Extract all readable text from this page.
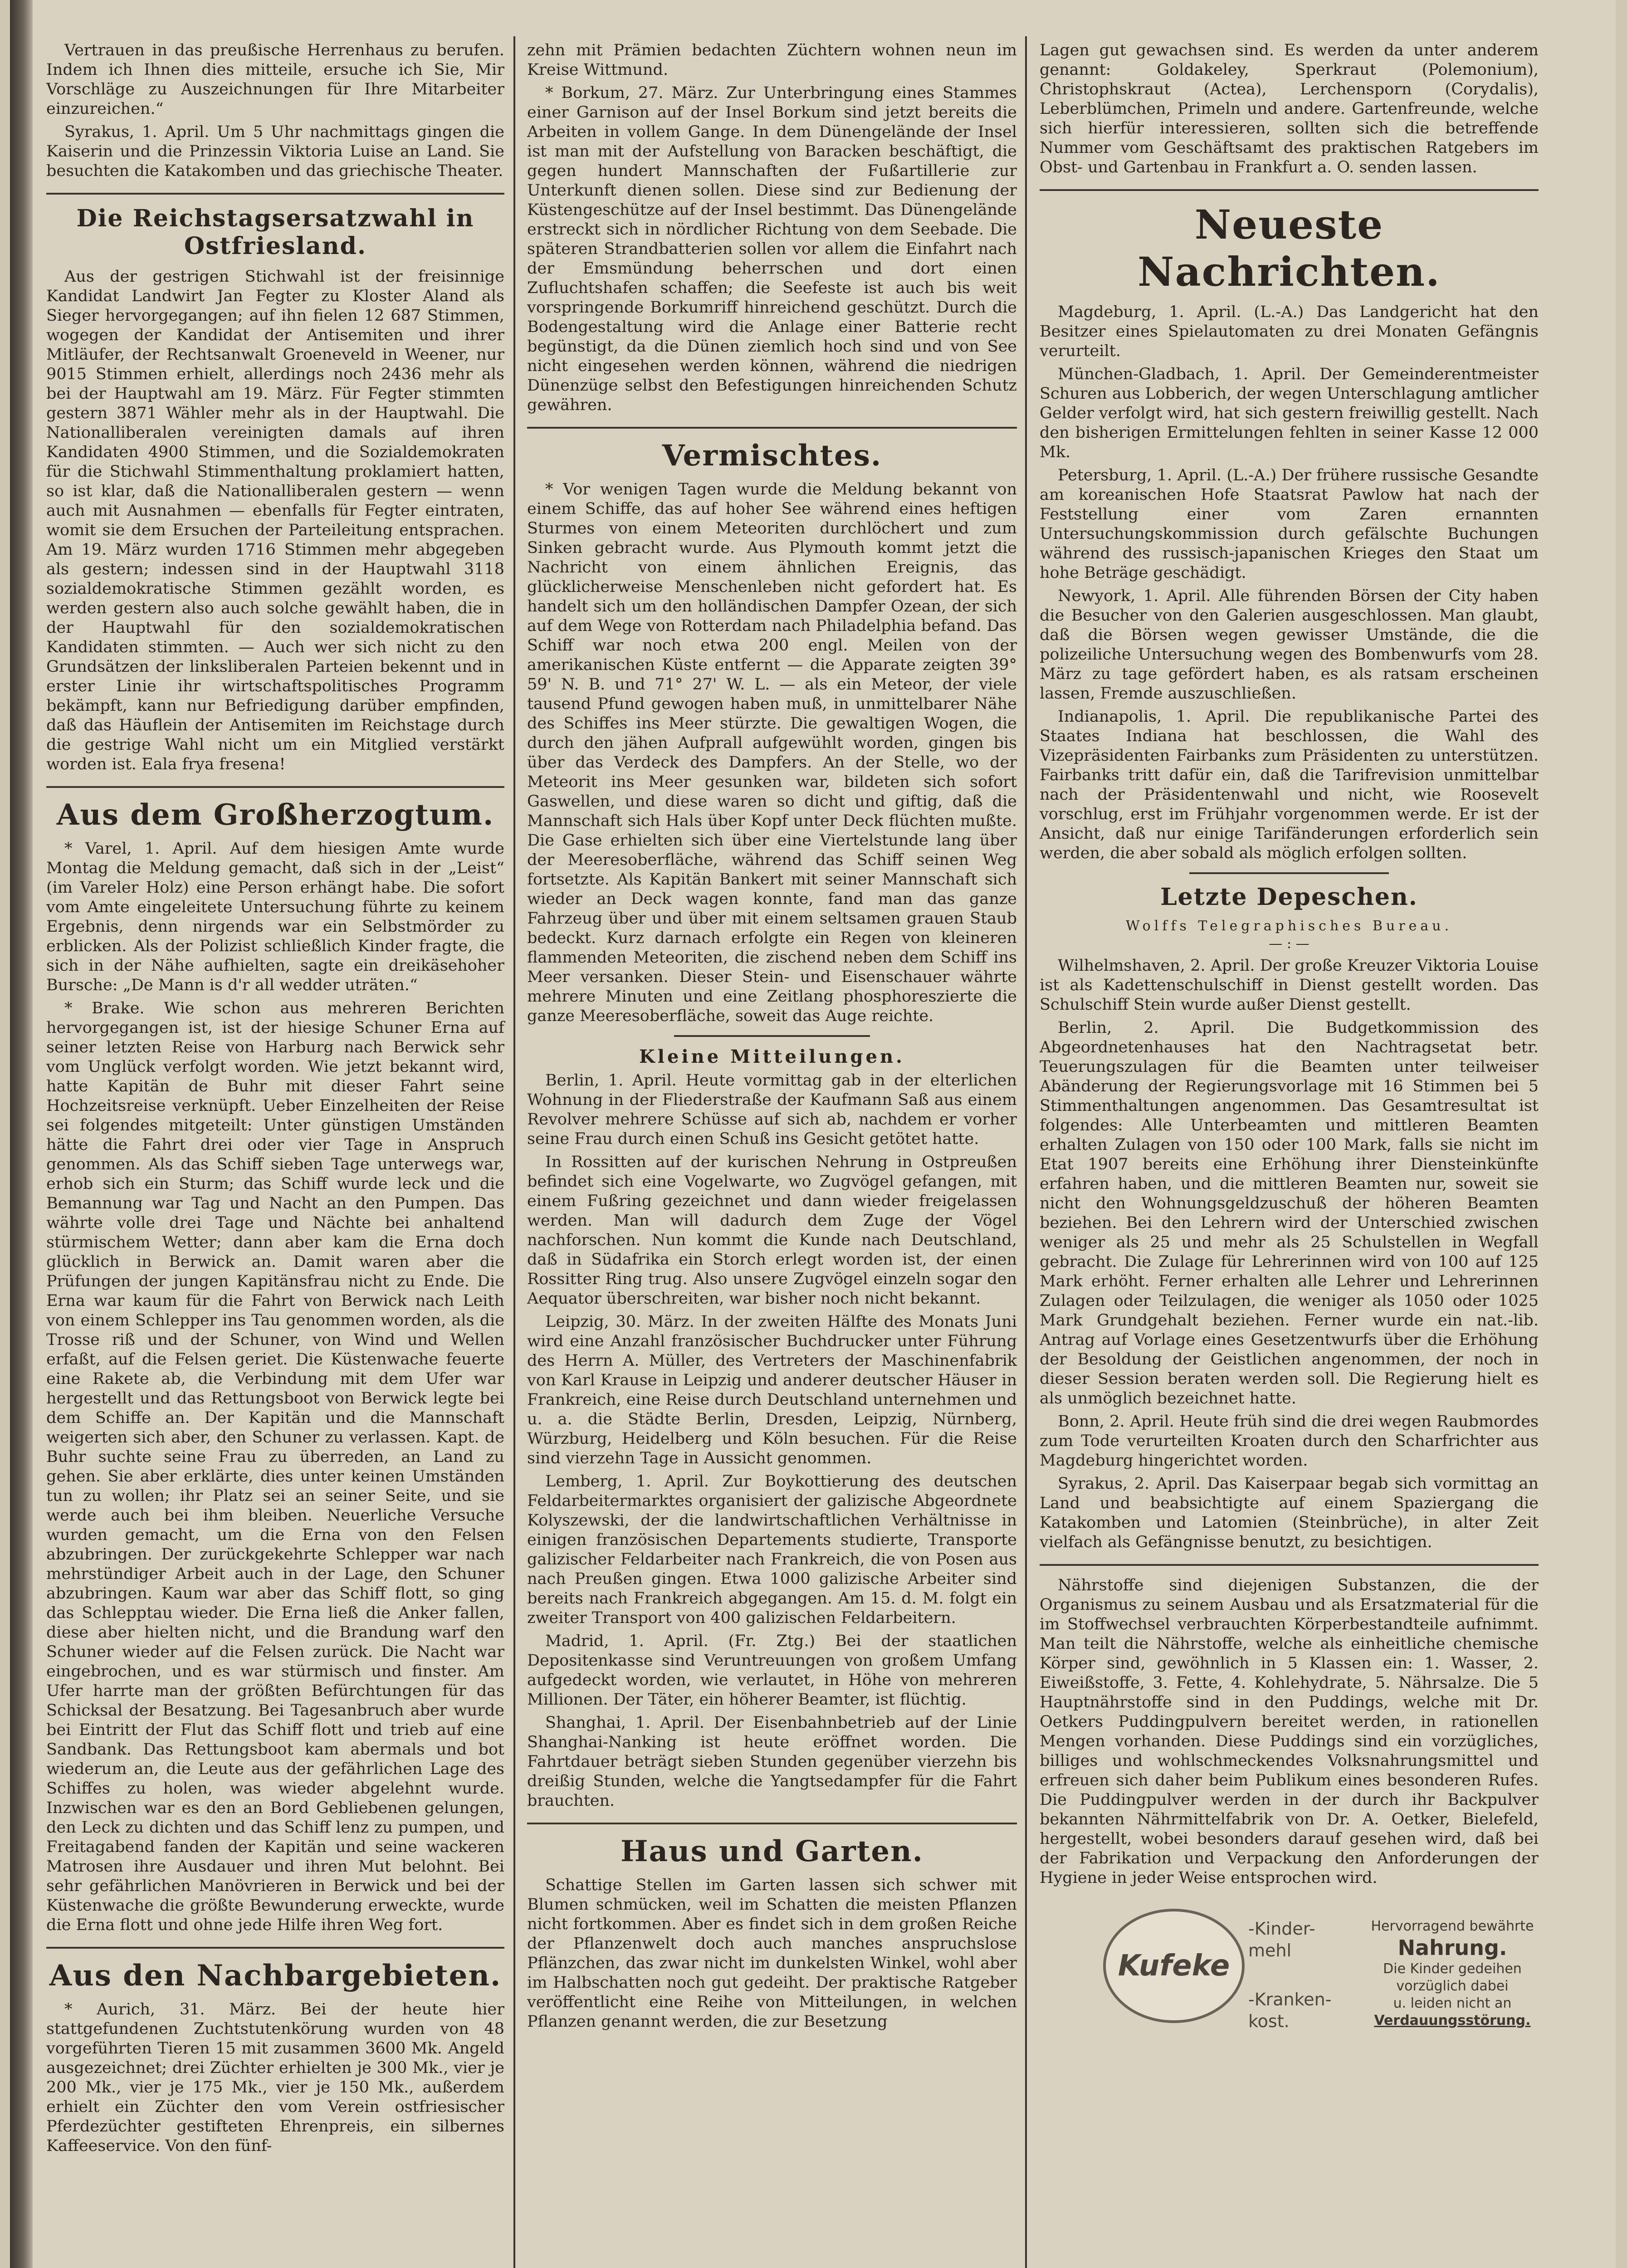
Vertrauen in das preußische Herrenhaus zu berufen. Indem ich Ihnen dies mitteile, ersuche ich Sie, Mir Vorschläge zu Auszeichnungen für Ihre Mitarbeiter einzureichen.“

Syrakus, 1. April. Um 5 Uhr nachmittags gingen die Kaiserin und die Prinzessin Viktoria Luise an Land. Sie besuchten die Katakomben und das griechische Theater.

Die Reichstagsersatzwahl in Ostfriesland.

Aus der gestrigen Stichwahl ist der freisinnige Kandidat Landwirt Jan Fegter zu Kloster Aland als Sieger hervorgegangen; auf ihn fielen 12 687 Stimmen, wogegen der Kandidat der Antisemiten und ihrer Mitläufer, der Rechtsanwalt Groeneveld in Weener, nur 9015 Stimmen erhielt, allerdings noch 2436 mehr als bei der Hauptwahl am 19. März. Für Fegter stimmten gestern 3871 Wähler mehr als in der Hauptwahl. Die Nationalliberalen vereinigten damals auf ihren Kandidaten 4900 Stimmen, und die Sozialdemokraten für die Stichwahl Stimmenthaltung proklamiert hatten, so ist klar, daß die Nationalliberalen gestern — wenn auch mit Ausnahmen — ebenfalls für Fegter eintraten, womit sie dem Ersuchen der Parteileitung entsprachen. Am 19. März wurden 1716 Stimmen mehr abgegeben als gestern; indessen sind in der Hauptwahl 3118 sozialdemokratische Stimmen gezählt worden, es werden gestern also auch solche gewählt haben, die in der Hauptwahl für den sozialdemokratischen Kandidaten stimmten. — Auch wer sich nicht zu den Grundsätzen der linksliberalen Parteien bekennt und in erster Linie ihr wirtschaftspolitisches Programm bekämpft, kann nur Befriedigung darüber empfinden, daß das Häuflein der Antisemiten im Reichstage durch die gestrige Wahl nicht um ein Mitglied verstärkt worden ist. Eala frya fresena!

Aus dem Großherzogtum.

* Varel, 1. April. Auf dem hiesigen Amte wurde Montag die Meldung gemacht, daß sich in der „Leist“ (im Vareler Holz) eine Person erhängt habe. Die sofort vom Amte eingeleitete Untersuchung führte zu keinem Ergebnis, denn nirgends war ein Selbstmörder zu erblicken. Als der Polizist schließlich Kinder fragte, die sich in der Nähe aufhielten, sagte ein dreikäsehoher Bursche: „De Mann is d'r all wedder uträten.“

* Brake. Wie schon aus mehreren Berichten hervorgegangen ist, ist der hiesige Schuner Erna auf seiner letzten Reise von Harburg nach Berwick sehr vom Unglück verfolgt worden. Wie jetzt bekannt wird, hatte Kapitän de Buhr mit dieser Fahrt seine Hochzeitsreise verknüpft. Ueber Einzelheiten der Reise sei folgendes mitgeteilt: Unter günstigen Umständen hätte die Fahrt drei oder vier Tage in Anspruch genommen. Als das Schiff sieben Tage unterwegs war, erhob sich ein Sturm; das Schiff wurde leck und die Bemannung war Tag und Nacht an den Pumpen. Das währte volle drei Tage und Nächte bei anhaltend stürmischem Wetter; dann aber kam die Erna doch glücklich in Berwick an. Damit waren aber die Prüfungen der jungen Kapitänsfrau nicht zu Ende. Die Erna war kaum für die Fahrt von Berwick nach Leith von einem Schlepper ins Tau genommen worden, als die Trosse riß und der Schuner, von Wind und Wellen erfaßt, auf die Felsen geriet. Die Küstenwache feuerte eine Rakete ab, die Verbindung mit dem Ufer war hergestellt und das Rettungsboot von Berwick legte bei dem Schiffe an. Der Kapitän und die Mannschaft weigerten sich aber, den Schuner zu verlassen. Kapt. de Buhr suchte seine Frau zu überreden, an Land zu gehen. Sie aber erklärte, dies unter keinen Umständen tun zu wollen; ihr Platz sei an seiner Seite, und sie werde auch bei ihm bleiben. Neuerliche Versuche wurden gemacht, um die Erna von den Felsen abzubringen. Der zurückgekehrte Schlepper war nach mehrstündiger Arbeit auch in der Lage, den Schuner abzubringen. Kaum war aber das Schiff flott, so ging das Schlepptau wieder. Die Erna ließ die Anker fallen, diese aber hielten nicht, und die Brandung warf den Schuner wieder auf die Felsen zurück. Die Nacht war eingebrochen, und es war stürmisch und finster. Am Ufer harrte man der größten Befürchtungen für das Schicksal der Besatzung. Bei Tagesanbruch aber wurde bei Eintritt der Flut das Schiff flott und trieb auf eine Sandbank. Das Rettungsboot kam abermals und bot wiederum an, die Leute aus der gefährlichen Lage des Schiffes zu holen, was wieder abgelehnt wurde. Inzwischen war es den an Bord Gebliebenen gelungen, den Leck zu dichten und das Schiff lenz zu pumpen, und Freitagabend fanden der Kapitän und seine wackeren Matrosen ihre Ausdauer und ihren Mut belohnt. Bei sehr gefährlichen Manövrieren in Berwick und bei der Küstenwache die größte Bewunderung erweckte, wurde die Erna flott und ohne jede Hilfe ihren Weg fort.

Aus den Nachbargebieten.

* Aurich, 31. März. Bei der heute hier stattgefundenen Zuchtstutenkörung wurden von 48 vorgeführten Tieren 15 mit zusammen 3600 Mk. Angeld ausgezeichnet; drei Züchter erhielten je 300 Mk., vier je 200 Mk., vier je 175 Mk., vier je 150 Mk., außerdem erhielt ein Züchter den vom Verein ostfriesischer Pferdezüchter gestifteten Ehrenpreis, ein silbernes Kaffeeservice. Von den fünf-

zehn mit Prämien bedachten Züchtern wohnen neun im Kreise Wittmund.

* Borkum, 27. März. Zur Unterbringung eines Stammes einer Garnison auf der Insel Borkum sind jetzt bereits die Arbeiten in vollem Gange. In dem Dünengelände der Insel ist man mit der Aufstellung von Baracken beschäftigt, die gegen hundert Mannschaften der Fußartillerie zur Unterkunft dienen sollen. Diese sind zur Bedienung der Küstengeschütze auf der Insel bestimmt. Das Dünengelände erstreckt sich in nördlicher Richtung von dem Seebade. Die späteren Strandbatterien sollen vor allem die Einfahrt nach der Emsmündung beherrschen und dort einen Zufluchtshafen schaffen; die Seefeste ist auch bis weit vorspringende Borkumriff hinreichend geschützt. Durch die Bodengestaltung wird die Anlage einer Batterie recht begünstigt, da die Dünen ziemlich hoch sind und von See nicht eingesehen werden können, während die niedrigen Dünenzüge selbst den Befestigungen hinreichenden Schutz gewähren.

Vermischtes.

* Vor wenigen Tagen wurde die Meldung bekannt von einem Schiffe, das auf hoher See während eines heftigen Sturmes von einem Meteoriten durchlöchert und zum Sinken gebracht wurde. Aus Plymouth kommt jetzt die Nachricht von einem ähnlichen Ereignis, das glücklicherweise Menschenleben nicht gefordert hat. Es handelt sich um den holländischen Dampfer Ozean, der sich auf dem Wege von Rotterdam nach Philadelphia befand. Das Schiff war noch etwa 200 engl. Meilen von der amerikanischen Küste entfernt — die Apparate zeigten 39° 59' N. B. und 71° 27' W. L. — als ein Meteor, der viele tausend Pfund gewogen haben muß, in unmittelbarer Nähe des Schiffes ins Meer stürzte. Die gewaltigen Wogen, die durch den jähen Aufprall aufgewühlt worden, gingen bis über das Verdeck des Dampfers. An der Stelle, wo der Meteorit ins Meer gesunken war, bildeten sich sofort Gaswellen, und diese waren so dicht und giftig, daß die Mannschaft sich Hals über Kopf unter Deck flüchten mußte. Die Gase erhielten sich über eine Viertelstunde lang über der Meeresoberfläche, während das Schiff seinen Weg fortsetzte. Als Kapitän Bankert mit seiner Mannschaft sich wieder an Deck wagen konnte, fand man das ganze Fahrzeug über und über mit einem seltsamen grauen Staub bedeckt. Kurz darnach erfolgte ein Regen von kleineren flammenden Meteoriten, die zischend neben dem Schiff ins Meer versanken. Dieser Stein- und Eisenschauer währte mehrere Minuten und eine Zeitlang phosphoreszierte die ganze Meeresoberfläche, soweit das Auge reichte.

Kleine Mitteilungen.

Berlin, 1. April. Heute vormittag gab in der elterlichen Wohnung in der Fliederstraße der Kaufmann Saß aus einem Revolver mehrere Schüsse auf sich ab, nachdem er vorher seine Frau durch einen Schuß ins Gesicht getötet hatte.

In Rossitten auf der kurischen Nehrung in Ostpreußen befindet sich eine Vogelwarte, wo Zugvögel gefangen, mit einem Fußring gezeichnet und dann wieder freigelassen werden. Man will dadurch dem Zuge der Vögel nachforschen. Nun kommt die Kunde nach Deutschland, daß in Südafrika ein Storch erlegt worden ist, der einen Rossitter Ring trug. Also unsere Zugvögel einzeln sogar den Aequator überschreiten, war bisher noch nicht bekannt.

Leipzig, 30. März. In der zweiten Hälfte des Monats Juni wird eine Anzahl französischer Buchdrucker unter Führung des Herrn A. Müller, des Vertreters der Maschinenfabrik von Karl Krause in Leipzig und anderer deutscher Häuser in Frankreich, eine Reise durch Deutschland unternehmen und u. a. die Städte Berlin, Dresden, Leipzig, Nürnberg, Würzburg, Heidelberg und Köln besuchen. Für die Reise sind vierzehn Tage in Aussicht genommen.

Lemberg, 1. April. Zur Boykottierung des deutschen Feldarbeitermarktes organisiert der galizische Abgeordnete Kolyszewski, der die landwirtschaftlichen Verhältnisse in einigen französischen Departements studierte, Transporte galizischer Feldarbeiter nach Frankreich, die von Posen aus nach Preußen gingen. Etwa 1000 galizische Arbeiter sind bereits nach Frankreich abgegangen. Am 15. d. M. folgt ein zweiter Transport von 400 galizischen Feldarbeitern.

Madrid, 1. April. (Fr. Ztg.) Bei der staatlichen Depositenkasse sind Veruntreuungen von großem Umfang aufgedeckt worden, wie verlautet, in Höhe von mehreren Millionen. Der Täter, ein höherer Beamter, ist flüchtig.

Shanghai, 1. April. Der Eisenbahnbetrieb auf der Linie Shanghai-Nanking ist heute eröffnet worden. Die Fahrtdauer beträgt sieben Stunden gegenüber vierzehn bis dreißig Stunden, welche die Yangtsedampfer für die Fahrt brauchten.

Haus und Garten.

Schattige Stellen im Garten lassen sich schwer mit Blumen schmücken, weil im Schatten die meisten Pflanzen nicht fortkommen. Aber es findet sich in dem großen Reiche der Pflanzenwelt doch auch manches anspruchslose Pflänzchen, das zwar nicht im dunkelsten Winkel, wohl aber im Halbschatten noch gut gedeiht. Der praktische Ratgeber veröffentlicht eine Reihe von Mitteilungen, in welchen Pflanzen genannt werden, die zur Besetzung

Lagen gut gewachsen sind. Es werden da unter anderem genannt: Goldakeley, Sperkraut (Polemonium), Christophskraut (Actea), Lerchensporn (Corydalis), Leberblümchen, Primeln und andere. Gartenfreunde, welche sich hierfür interessieren, sollten sich die betreffende Nummer vom Geschäftsamt des praktischen Ratgebers im Obst- und Gartenbau in Frankfurt a. O. senden lassen.

Neueste Nachrichten.

Magdeburg, 1. April. (L.-A.) Das Landgericht hat den Besitzer eines Spielautomaten zu drei Monaten Gefängnis verurteilt.

München-Gladbach, 1. April. Der Gemeinderentmeister Schuren aus Lobberich, der wegen Unterschlagung amtlicher Gelder verfolgt wird, hat sich gestern freiwillig gestellt. Nach den bisherigen Ermittelungen fehlten in seiner Kasse 12 000 Mk.

Petersburg, 1. April. (L.-A.) Der frühere russische Gesandte am koreanischen Hofe Staatsrat Pawlow hat nach der Feststellung einer vom Zaren ernannten Untersuchungskommission durch gefälschte Buchungen während des russisch-japanischen Krieges den Staat um hohe Beträge geschädigt.

Newyork, 1. April. Alle führenden Börsen der City haben die Besucher von den Galerien ausgeschlossen. Man glaubt, daß die Börsen wegen gewisser Umstände, die die polizeiliche Untersuchung wegen des Bombenwurfs vom 28. März zu tage gefördert haben, es als ratsam erscheinen lassen, Fremde auszuschließen.

Indianapolis, 1. April. Die republikanische Partei des Staates Indiana hat beschlossen, die Wahl des Vizepräsidenten Fairbanks zum Präsidenten zu unterstützen. Fairbanks tritt dafür ein, daß die Tarifrevision unmittelbar nach der Präsidentenwahl und nicht, wie Roosevelt vorschlug, erst im Frühjahr vorgenommen werde. Er ist der Ansicht, daß nur einige Tarifänderungen erforderlich sein werden, die aber sobald als möglich erfolgen sollten.

Letzte Depeschen.
Wolffs Telegraphisches Bureau.
— : —

Wilhelmshaven, 2. April. Der große Kreuzer Viktoria Louise ist als Kadettenschulschiff in Dienst gestellt worden. Das Schulschiff Stein wurde außer Dienst gestellt.

Berlin, 2. April. Die Budgetkommission des Abgeordnetenhauses hat den Nachtragsetat betr. Teuerungszulagen für die Beamten unter teilweiser Abänderung der Regierungsvorlage mit 16 Stimmen bei 5 Stimmenthaltungen angenommen. Das Gesamtresultat ist folgendes: Alle Unterbeamten und mittleren Beamten erhalten Zulagen von 150 oder 100 Mark, falls sie nicht im Etat 1907 bereits eine Erhöhung ihrer Diensteinkünfte erfahren haben, und die mittleren Beamten nur, soweit sie nicht den Wohnungsgeldzuschuß der höheren Beamten beziehen. Bei den Lehrern wird der Unterschied zwischen weniger als 25 und mehr als 25 Schulstellen in Wegfall gebracht. Die Zulage für Lehrerinnen wird von 100 auf 125 Mark erhöht. Ferner erhalten alle Lehrer und Lehrerinnen Zulagen oder Teilzulagen, die weniger als 1050 oder 1025 Mark Grundgehalt beziehen. Ferner wurde ein nat.-lib. Antrag auf Vorlage eines Gesetzentwurfs über die Erhöhung der Besoldung der Geistlichen angenommen, der noch in dieser Session beraten werden soll. Die Regierung hielt es als unmöglich bezeichnet hatte.

Bonn, 2. April. Heute früh sind die drei wegen Raubmordes zum Tode verurteilten Kroaten durch den Scharfrichter aus Magdeburg hingerichtet worden.

Syrakus, 2. April. Das Kaiserpaar begab sich vormittag an Land und beabsichtigte auf einem Spaziergang die Katakomben und Latomien (Steinbrüche), in alter Zeit vielfach als Gefängnisse benutzt, zu besichtigen.

Nährstoffe sind diejenigen Substanzen, die der Organismus zu seinem Ausbau und als Ersatzmaterial für die im Stoffwechsel verbrauchten Körperbestandteile aufnimmt. Man teilt die Nährstoffe, welche als einheitliche chemische Körper sind, gewöhnlich in 5 Klassen ein: 1. Wasser, 2. Eiweißstoffe, 3. Fette, 4. Kohlehydrate, 5. Nährsalze. Die 5 Hauptnährstoffe sind in den Puddings, welche mit Dr. Oetkers Puddingpulvern bereitet werden, in rationellen Mengen vorhanden. Diese Puddings sind ein vorzügliches, billiges und wohlschmeckendes Volksnahrungsmittel und erfreuen sich daher beim Publikum eines besonderen Rufes. Die Puddingpulver werden in der durch ihr Backpulver bekannten Nährmittelfabrik von Dr. A. Oetker, Bielefeld, hergestellt, wobei besonders darauf gesehen wird, daß bei der Fabrikation und Verpackung den Anforderungen der Hygiene in jeder Weise entsprochen wird.

Kufeke
-Kinder-
mehl
-Kranken-
kost.
Hervorragend bewährte
Nahrung.
Die Kinder gedeihen
vorzüglich dabei
u. leiden nicht an
Verdauungsstörung.
